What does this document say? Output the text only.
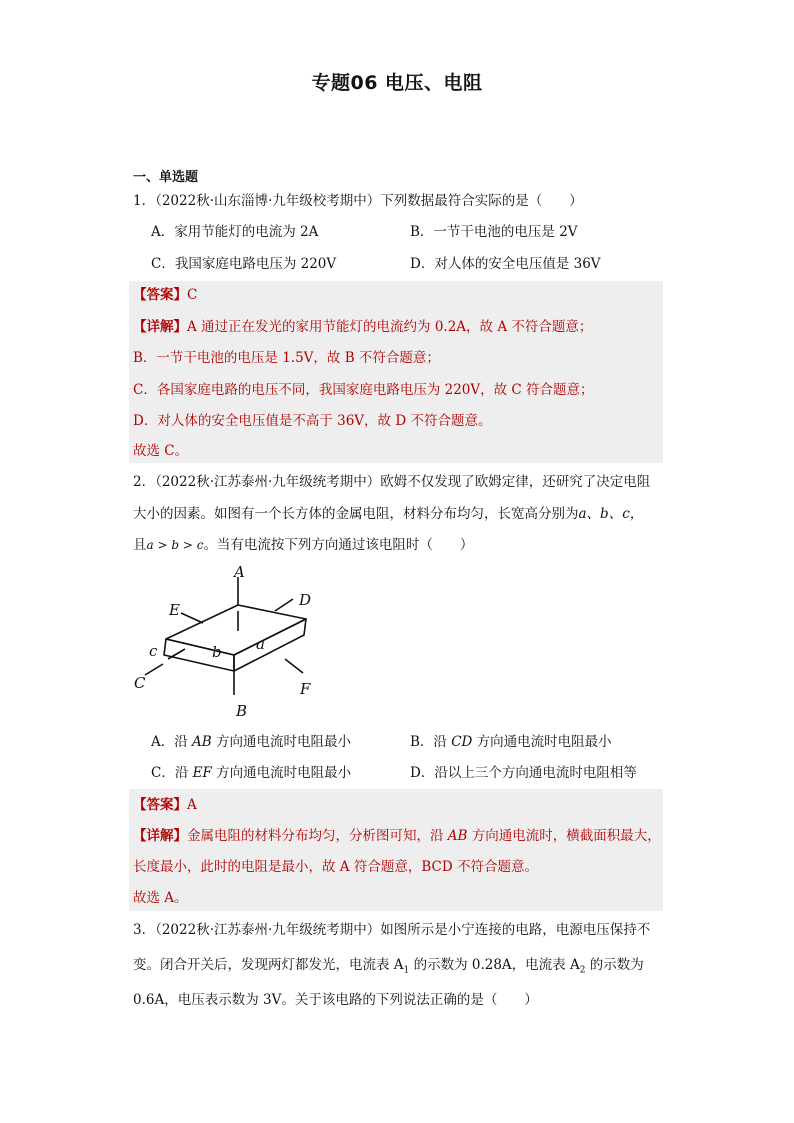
专题06 电压、电阻
一、单选题
1．（2022秋·山东淄博·九年级校考期中）下列数据最符合实际的是（　　）
A．家用节能灯的电流为 2A	B．一节干电池的电压是 2V
C．我国家庭电路电压为 220V	D．对人体的安全电压值是 36V
【答案】C
【详解】A 通过正在发光的家用节能灯的电流约为 0.2A，故 A 不符合题意；
B．一节干电池的电压是 1.5V，故 B 不符合题意；
C．各国家庭电路的电压不同，我国家庭电路电压为 220V，故 C 符合题意；
D．对人体的安全电压值是不高于 36V，故 D 不符合题意。
故选 C。
2．（2022秋·江苏泰州·九年级统考期中）欧姆不仅发现了欧姆定律，还研究了决定电阻
大小的因素。如图有一个长方体的金属电阻，材料分布均匀，长宽高分别为a、b、c，
且a > b > c。当有电流按下列方向通过该电阻时（　　）
A
B
C
D
E
F
a
b
c
A．沿 AB 方向通电流时电阻最小	B．沿 CD 方向通电流时电阻最小
C．沿 EF 方向通电流时电阻最小	D．沿以上三个方向通电流时电阻相等
【答案】A
【详解】金属电阻的材料分布均匀，分析图可知，沿 AB 方向通电流时，横截面积最大，
长度最小，此时的电阻是最小，故 A 符合题意，BCD 不符合题意。
故选 A。
3．（2022秋·江苏泰州·九年级统考期中）如图所示是小宁连接的电路，电源电压保持不
变。闭合开关后，发现两灯都发光，电流表 $A_1$ 的示数为 0.28A，电流表 $A_2$ 的示数为
0.6A，电压表示数为 3V。关于该电路的下列说法正确的是（　　）
